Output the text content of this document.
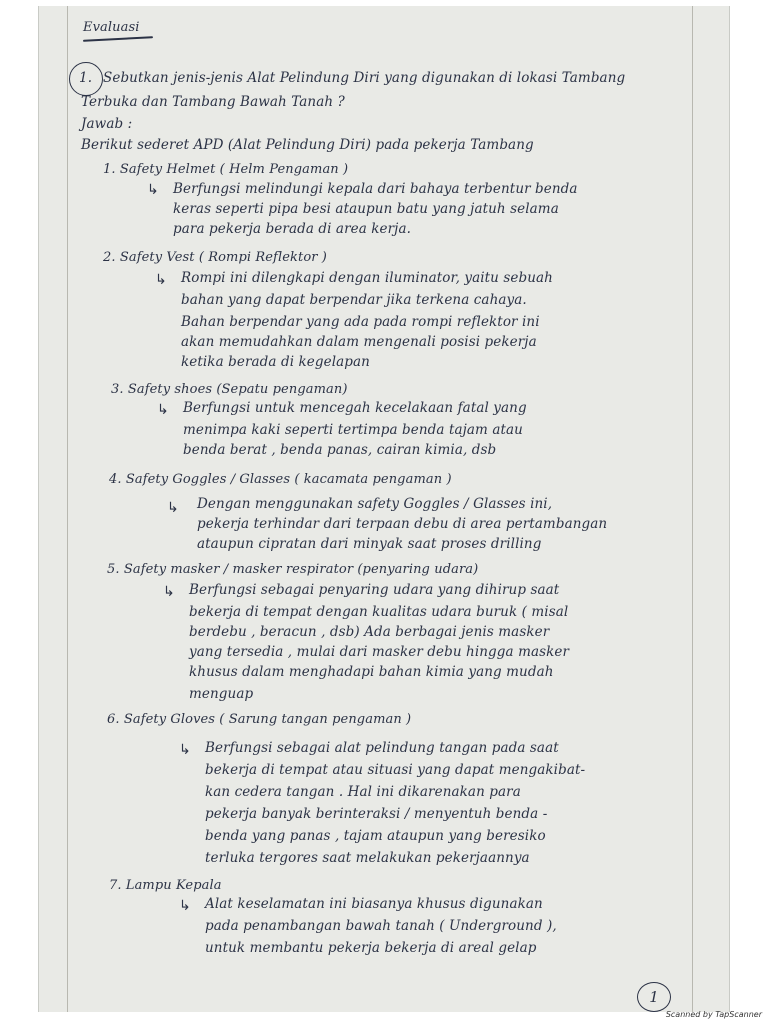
Evaluasi
1. Sebutkan jenis-jenis Alat Pelindung Diri yang digunakan di lokasi Tambang
Terbuka dan Tambang Bawah Tanah ?
Jawab :
Berikut sederet APD (Alat Pelindung Diri) pada pekerja Tambang
1. Safety Helmet ( Helm Pengaman )
↳ Berfungsi melindungi kepala dari bahaya terbentur benda
keras seperti pipa besi ataupun batu yang jatuh selama
para pekerja berada di area kerja.
2. Safety Vest ( Rompi Reflektor )
↳ Rompi ini dilengkapi dengan iluminator, yaitu sebuah
bahan yang dapat berpendar jika terkena cahaya.
Bahan berpendar yang ada pada rompi reflektor ini
akan memudahkan dalam mengenali posisi pekerja
ketika berada di kegelapan
3. Safety shoes (Sepatu pengaman)
↳ Berfungsi untuk mencegah kecelakaan fatal yang
menimpa kaki seperti tertimpa benda tajam atau
benda berat , benda panas, cairan kimia, dsb
4. Safety Goggles / Glasses ( kacamata pengaman )
↳ Dengan menggunakan safety Goggles / Glasses ini,
pekerja terhindar dari terpaan debu di area pertambangan
ataupun cipratan dari minyak saat proses drilling
5. Safety masker / masker respirator (penyaring udara)
↳ Berfungsi sebagai penyaring udara yang dihirup saat
bekerja di tempat dengan kualitas udara buruk ( misal
berdebu , beracun , dsb) Ada berbagai jenis masker
yang tersedia , mulai dari masker debu hingga masker
khusus dalam menghadapi bahan kimia yang mudah
menguap
6. Safety Gloves ( Sarung tangan pengaman )
↳ Berfungsi sebagai alat pelindung tangan pada saat
bekerja di tempat atau situasi yang dapat mengakibat-
kan cedera tangan . Hal ini dikarenakan para
pekerja banyak berinteraksi / menyentuh benda -
benda yang panas , tajam ataupun yang beresiko
terluka tergores saat melakukan pekerjaannya
7. Lampu Kepala
↳ Alat keselamatan ini biasanya khusus digunakan
pada penambangan bawah tanah ( Underground ),
untuk membantu pekerja bekerja di areal gelap
1
Scanned by TapScanner
